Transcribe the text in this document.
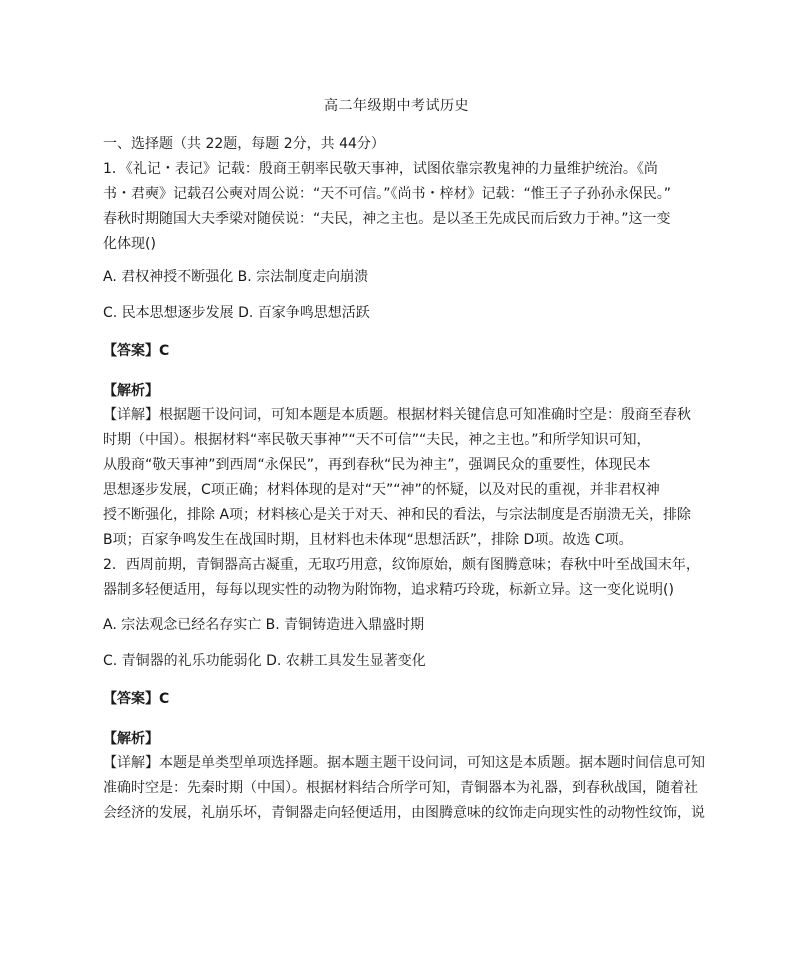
高二年级期中考试历史
一、选择题（共 22题，每题 2分，共 44分）
1．《礼记・表记》记载：殷商王朝率民敬天事神，试图依靠宗教鬼神的力量维护统治。《尚
书・君奭》记载召公奭对周公说：“天不可信。”《尚书・梓材》记载：“惟王子子孙孙永保民。”
春秋时期随国大夫季梁对随侯说：“夫民，神之主也。是以圣王先成民而后致力于神。”这一变
化体现()
A. 君权神授不断强化 B. 宗法制度走向崩溃
C. 民本思想逐步发展 D. 百家争鸣思想活跃
【答案】C
【解析】
【详解】根据题干设问词，可知本题是本质题。根据材料关键信息可知准确时空是：殷商至春秋
时期（中国）。根据材料“率民敬天事神”“天不可信”“夫民，神之主也。”和所学知识可知，
从殷商“敬天事神”到西周“永保民”，再到春秋“民为神主”，强调民众的重要性，体现民本
思想逐步发展，C项正确；材料体现的是对“天”“神”的怀疑，以及对民的重视，并非君权神
授不断强化，排除 A项；材料核心是关于对天、神和民的看法，与宗法制度是否崩溃无关，排除
B项；百家争鸣发生在战国时期，且材料也未体现“思想活跃”，排除 D项。故选 C项。
2．西周前期，青铜器高古凝重，无取巧用意，纹饰原始，颇有图腾意味；春秋中叶至战国末年，
器制多轻便适用，每每以现实性的动物为附饰物，追求精巧玲珑，标新立异。这一变化说明()
A. 宗法观念已经名存实亡 B. 青铜铸造进入鼎盛时期
C. 青铜器的礼乐功能弱化 D. 农耕工具发生显著变化
【答案】C
【解析】
【详解】本题是单类型单项选择题。据本题主题干设问词，可知这是本质题。据本题时间信息可知
准确时空是：先秦时期（中国）。根据材料结合所学可知，青铜器本为礼器，到春秋战国，随着社
会经济的发展，礼崩乐坏，青铜器走向轻便适用，由图腾意味的纹饰走向现实性的动物性纹饰，说
